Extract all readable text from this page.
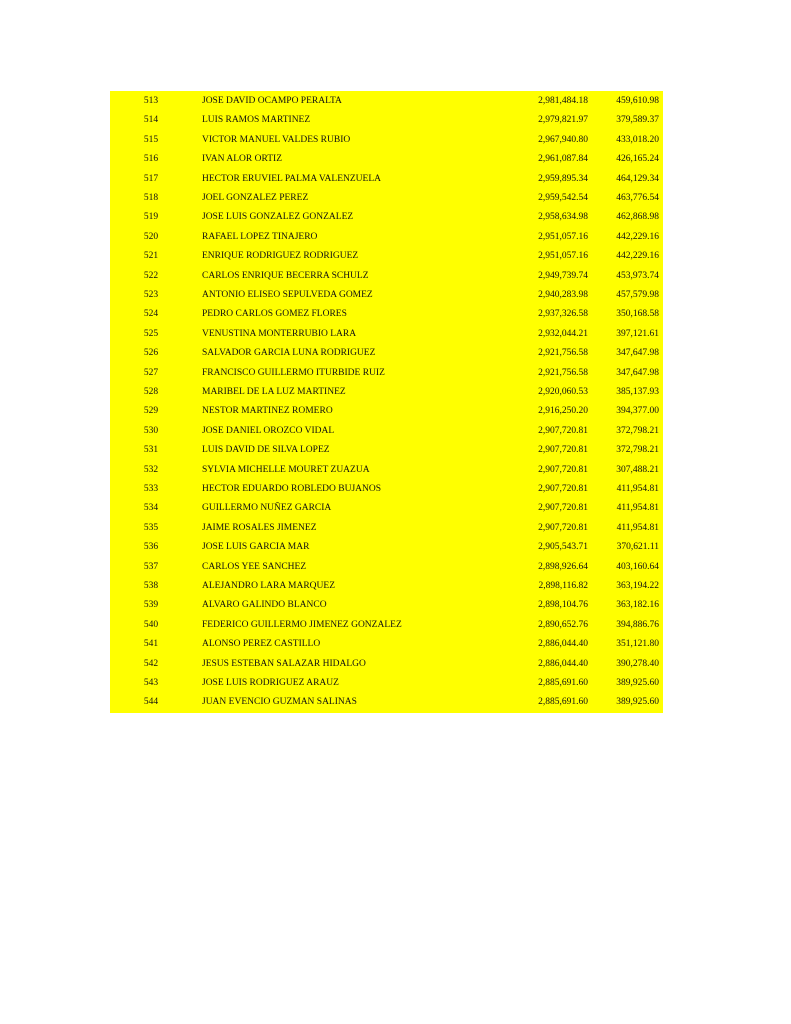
513	JOSE DAVID OCAMPO PERALTA	2,981,484.18	459,610.98
514	LUIS RAMOS MARTINEZ	2,979,821.97	379,589.37
515	VICTOR MANUEL VALDES RUBIO	2,967,940.80	433,018.20
516	IVAN ALOR ORTIZ	2,961,087.84	426,165.24
517	HECTOR ERUVIEL PALMA VALENZUELA	2,959,895.34	464,129.34
518	JOEL GONZALEZ PEREZ	2,959,542.54	463,776.54
519	JOSE LUIS GONZALEZ GONZALEZ	2,958,634.98	462,868.98
520	RAFAEL LOPEZ TINAJERO	2,951,057.16	442,229.16
521	ENRIQUE RODRIGUEZ RODRIGUEZ	2,951,057.16	442,229.16
522	CARLOS ENRIQUE BECERRA SCHULZ	2,949,739.74	453,973.74
523	ANTONIO ELISEO SEPULVEDA GOMEZ	2,940,283.98	457,579.98
524	PEDRO CARLOS GOMEZ FLORES	2,937,326.58	350,168.58
525	VENUSTINA MONTERRUBIO LARA	2,932,044.21	397,121.61
526	SALVADOR GARCIA LUNA RODRIGUEZ	2,921,756.58	347,647.98
527	FRANCISCO GUILLERMO ITURBIDE RUIZ	2,921,756.58	347,647.98
528	MARIBEL DE LA LUZ MARTINEZ	2,920,060.53	385,137.93
529	NESTOR MARTINEZ ROMERO	2,916,250.20	394,377.00
530	JOSE DANIEL OROZCO VIDAL	2,907,720.81	372,798.21
531	LUIS DAVID DE SILVA LOPEZ	2,907,720.81	372,798.21
532	SYLVIA MICHELLE MOURET ZUAZUA	2,907,720.81	307,488.21
533	HECTOR EDUARDO ROBLEDO BUJANOS	2,907,720.81	411,954.81
534	GUILLERMO NUÑEZ GARCIA	2,907,720.81	411,954.81
535	JAIME ROSALES JIMENEZ	2,907,720.81	411,954.81
536	JOSE LUIS GARCIA MAR	2,905,543.71	370,621.11
537	CARLOS YEE SANCHEZ	2,898,926.64	403,160.64
538	ALEJANDRO LARA MARQUEZ	2,898,116.82	363,194.22
539	ALVARO GALINDO BLANCO	2,898,104.76	363,182.16
540	FEDERICO GUILLERMO JIMENEZ GONZALEZ	2,890,652.76	394,886.76
541	ALONSO PEREZ CASTILLO	2,886,044.40	351,121.80
542	JESUS ESTEBAN SALAZAR HIDALGO	2,886,044.40	390,278.40
543	JOSE LUIS RODRIGUEZ ARAUZ	2,885,691.60	389,925.60
544	JUAN EVENCIO GUZMAN SALINAS	2,885,691.60	389,925.60
